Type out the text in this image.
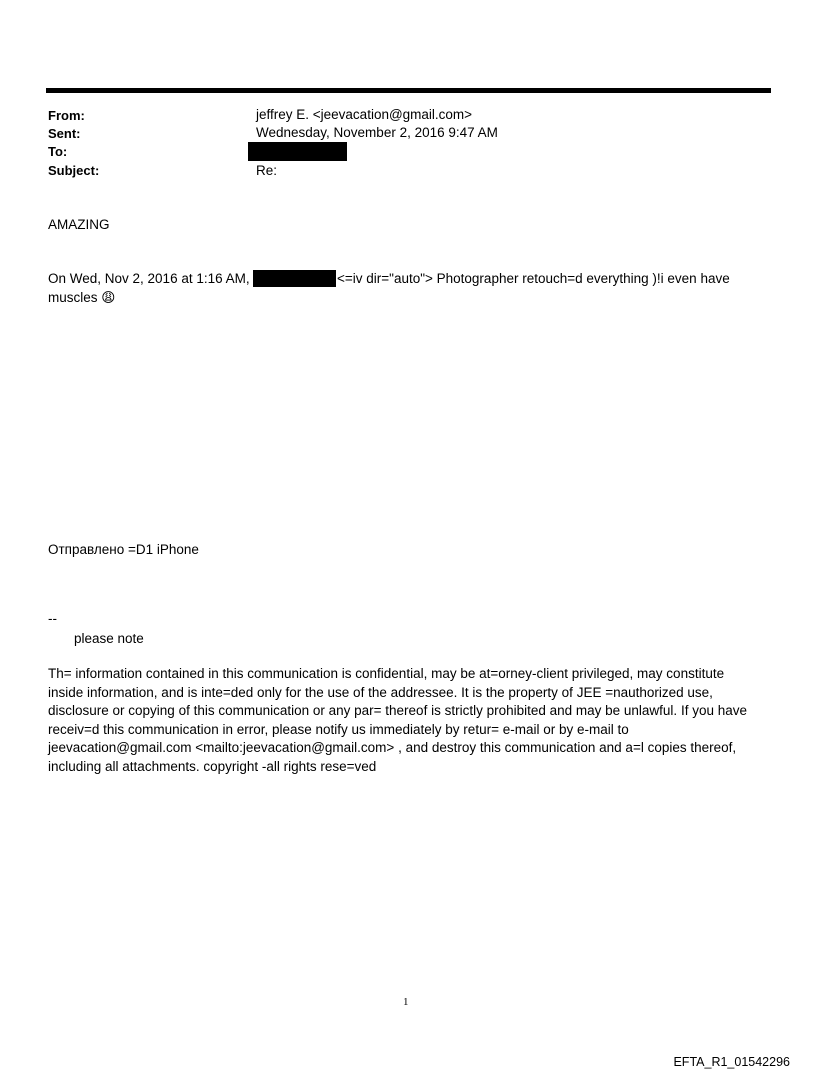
From:	jeffrey E. <jeevacation@gmail.com>
Sent:	Wednesday, November 2, 2016 9:47 AM
To:
Subject:	Re:
AMAZING
On Wed, Nov 2, 2016 at 1:16 AM,	<=iv dir="auto"> Photographer retouch=d everything )!i even have
muscles 😩
Отправлено =D1 iPhone
--
please note
Th= information contained in this communication is confidential, may be at=orney-client privileged, may constitute inside information, and is inte=ded only for the use of the addressee. It is the property of JEE =nauthorized use, disclosure or copying of this communication or any par= thereof is strictly prohibited and may be unlawful. If you have receiv=d this communication in error, please notify us immediately by retur= e-mail or by e-mail to jeevacation@gmail.com <mailto:jeevacation@gmail.com> , and destroy this communication and a=l copies thereof, including all attachments. copyright -all rights rese=ved
1
EFTA_R1_01542296
